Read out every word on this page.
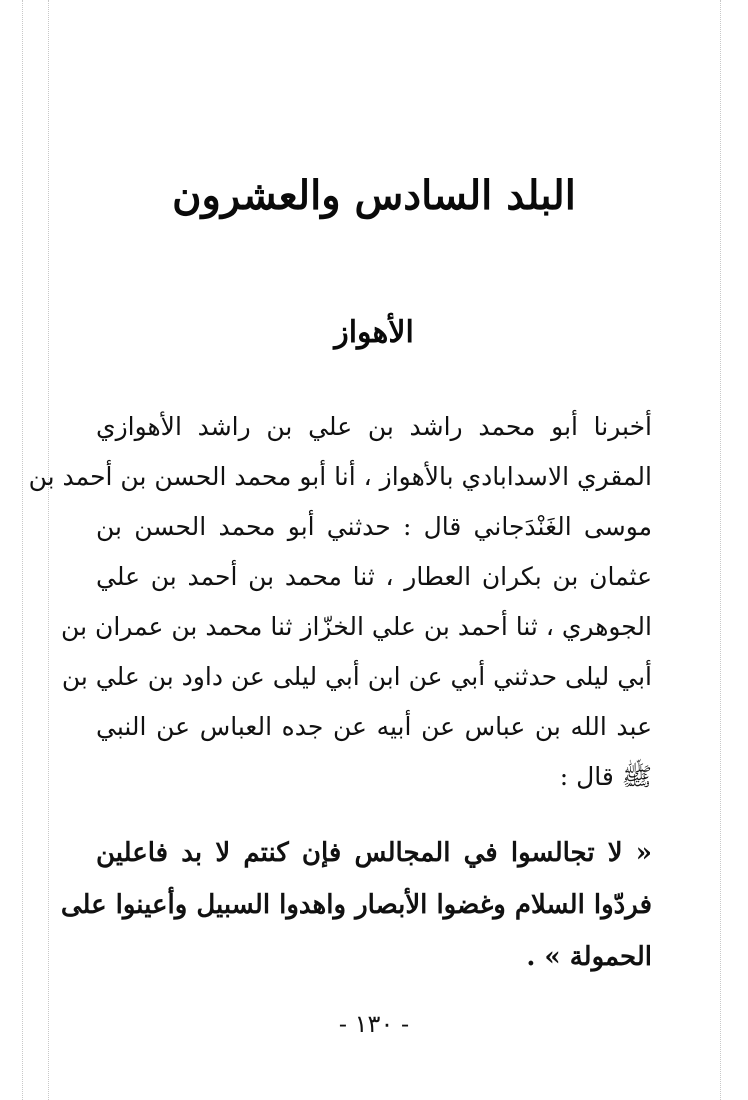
البلد السادس والعشرون
الأهواز
أخبرنا أبو محمد راشد بن علي بن راشد الأهوازي
المقري الاسدابادي بالأهواز ، أنا أبو محمد الحسن بن أحمد بن
موسى الغَنْدَجاني قال : حدثني أبو محمد الحسن بن
عثمان بن بكران العطار ، ثنا محمد بن أحمد بن علي
الجوهري ، ثنا أحمد بن علي الخزّاز ثنا محمد بن عمران بن
أبي ليلى حدثني أبي عن ابن أبي ليلى عن داود بن علي بن
عبد الله بن عباس عن أبيه عن جده العباس عن النبي
ﷺ قال :
« لا تجالسوا في المجالس فإن كنتم لا بد فاعلين
فردّوا السلام وغضوا الأبصار واهدوا السبيل وأعينوا على
الحمولة » .
- ١٣٠ -
